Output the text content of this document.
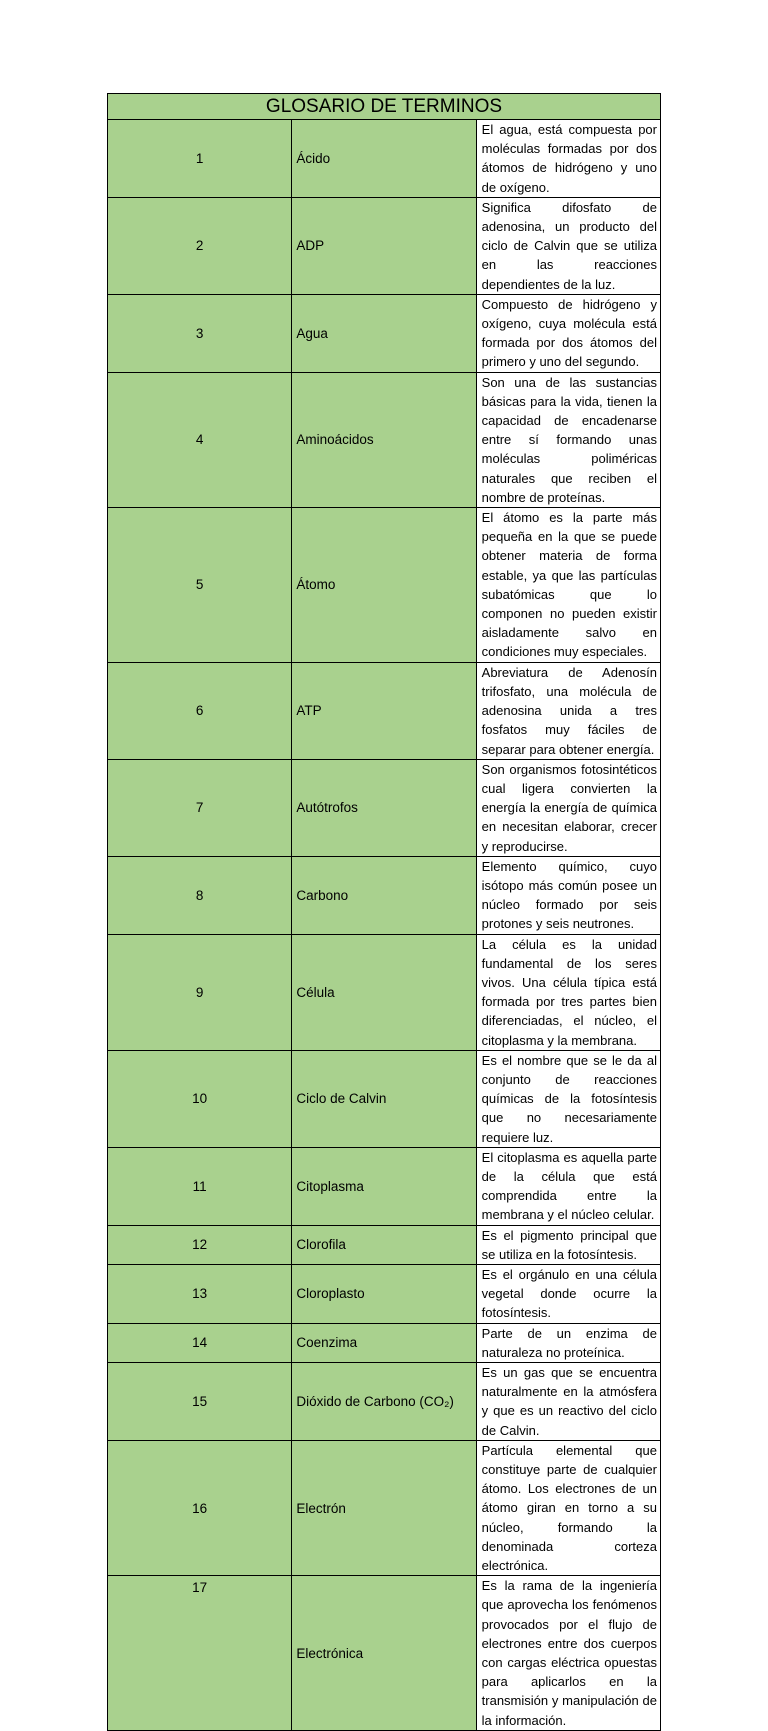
GLOSARIO DE TERMINOS		
1	Ácido	El agua, está compuesta por moléculas formadas por dos átomos de hidrógeno y uno de oxígeno.
2	ADP	Significa difosfato de adenosina, un producto del ciclo de Calvin que se utiliza en las reacciones dependientes de la luz.
3	Agua	Compuesto de hidrógeno y oxígeno, cuya molécula está formada por dos átomos del primero y uno del segundo.
4	Aminoácidos	Son una de las sustancias básicas para la vida, tienen la capacidad de encadenarse entre sí formando unas moléculas poliméricas naturales que reciben el nombre de proteínas.
5	Átomo	El átomo es la parte más pequeña en la que se puede obtener materia de forma estable, ya que las partículas subatómicas que lo componen no pueden existir aisladamente salvo en condiciones muy especiales.
6	ATP	Abreviatura de Adenosín trifosfato, una molécula de adenosina unida a tres fosfatos muy fáciles de separar para obtener energía.
7	Autótrofos	Son organismos fotosintéticos cual ligera convierten la energía la energía de química en necesitan elaborar, crecer y reproducirse.
8	Carbono	Elemento químico, cuyo isótopo más común posee un núcleo formado por seis protones y seis neutrones.
9	Célula	La célula es la unidad fundamental de los seres vivos. Una célula típica está formada por tres partes bien diferenciadas, el núcleo, el citoplasma y la membrana.
10	Ciclo de Calvin	Es el nombre que se le da al conjunto de reacciones químicas de la fotosíntesis que no necesariamente requiere luz.
11	Citoplasma	El citoplasma es aquella parte de la célula que está comprendida entre la membrana y el núcleo celular.
12	Clorofila	Es el pigmento principal que se utiliza en la fotosíntesis.
13	Cloroplasto	Es el orgánulo en una célula vegetal donde ocurre la fotosíntesis.
14	Coenzima	Parte de un enzima de naturaleza no proteínica.
15	Dióxido de Carbono (CO₂)	Es un gas que se encuentra naturalmente en la atmósfera y que es un reactivo del ciclo de Calvin.
16	Electrón	Partícula elemental que constituye parte de cualquier átomo. Los electrones de un átomo giran en torno a su núcleo, formando la denominada corteza electrónica.
17	Electrónica	Es la rama de la ingeniería que aprovecha los fenómenos provocados por el flujo de electrones entre dos cuerpos con cargas eléctrica opuestas para aplicarlos en la transmisión y manipulación de la información.
